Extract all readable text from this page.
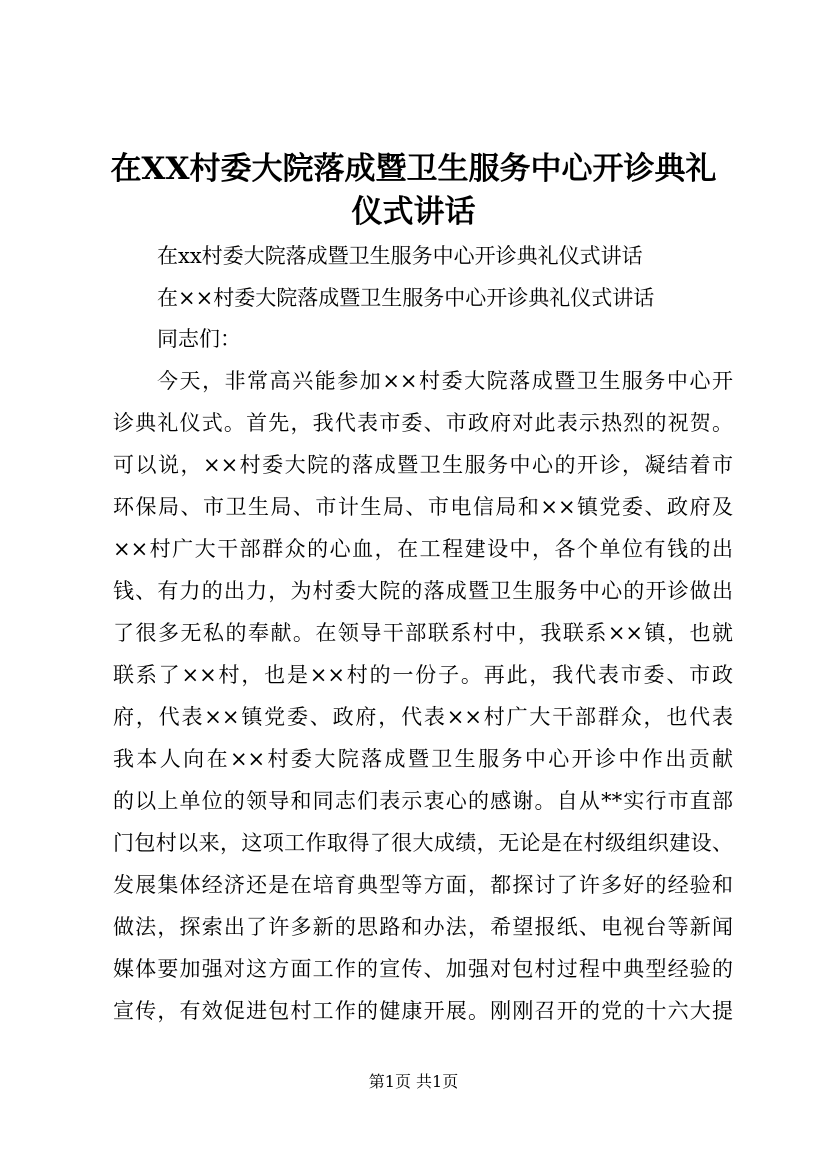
在XX村委大院落成暨卫生服务中心开诊典礼
仪式讲话
在xx村委大院落成暨卫生服务中心开诊典礼仪式讲话
在××村委大院落成暨卫生服务中心开诊典礼仪式讲话
同志们：
今天，非常高兴能参加××村委大院落成暨卫生服务中心开
诊典礼仪式。首先，我代表市委、市政府对此表示热烈的祝贺。
可以说，××村委大院的落成暨卫生服务中心的开诊，凝结着市
环保局、市卫生局、市计生局、市电信局和××镇党委、政府及
××村广大干部群众的心血，在工程建设中，各个单位有钱的出
钱、有力的出力，为村委大院的落成暨卫生服务中心的开诊做出
了很多无私的奉献。在领导干部联系村中，我联系××镇，也就
联系了××村，也是××村的一份子。再此，我代表市委、市政
府，代表××镇党委、政府，代表××村广大干部群众，也代表
我本人向在××村委大院落成暨卫生服务中心开诊中作出贡献
的以上单位的领导和同志们表示衷心的感谢。自从**实行市直部
门包村以来，这项工作取得了很大成绩，无论是在村级组织建设、
发展集体经济还是在培育典型等方面，都探讨了许多好的经验和
做法，探索出了许多新的思路和办法，希望报纸、电视台等新闻
媒体要加强对这方面工作的宣传、加强对包村过程中典型经验的
宣传，有效促进包村工作的健康开展。刚刚召开的党的十六大提
第1页 共1页
